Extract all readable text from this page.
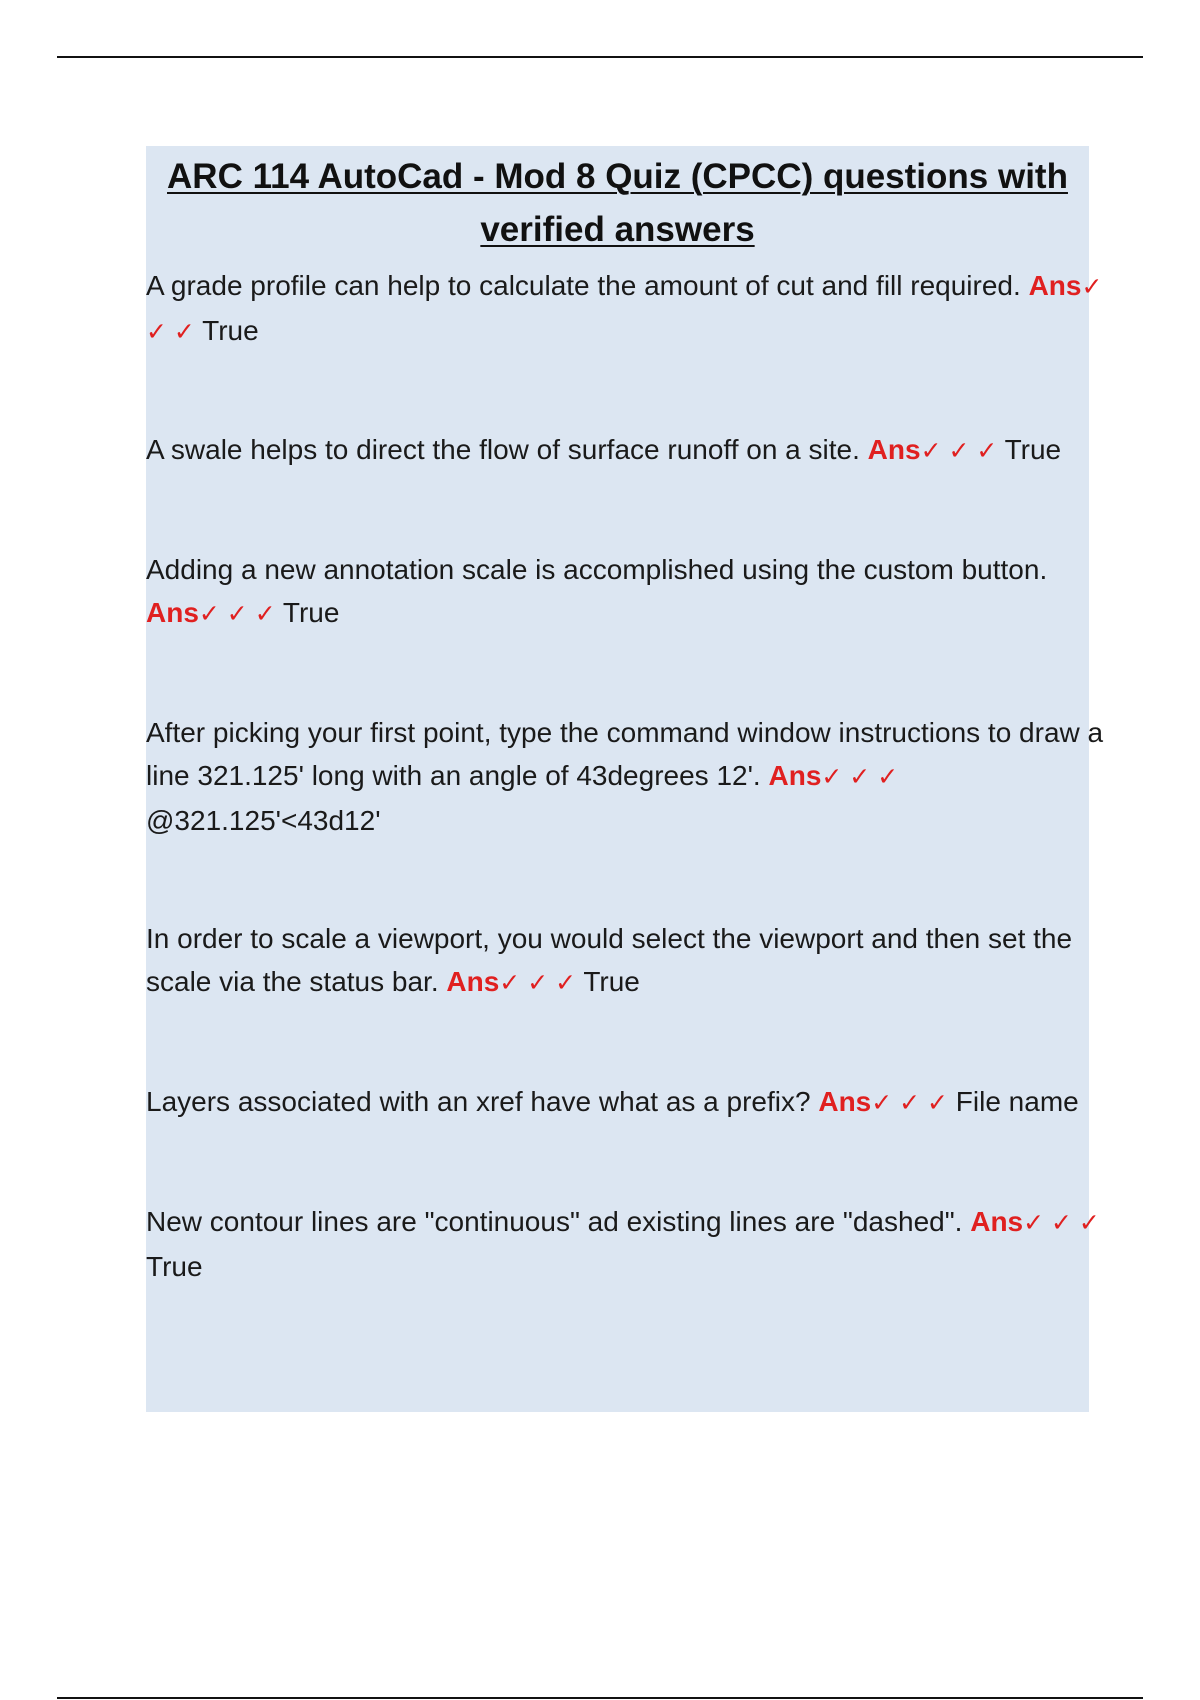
ARC 114 AutoCad - Mod 8 Quiz (CPCC) questions with verified answers

A grade profile can help to calculate the amount of cut and fill required. Ans✓ ✓ ✓ True

A swale helps to direct the flow of surface runoff on a site. Ans✓ ✓ ✓ True

Adding a new annotation scale is accomplished using the custom button. Ans✓ ✓ ✓ True

After picking your first point, type the command window instructions to draw a line 321.125' long with an angle of 43degrees 12'. Ans✓ ✓ ✓ @321.125'<43d12'

In order to scale a viewport, you would select the viewport and then set the scale via the status bar. Ans✓ ✓ ✓ True

Layers associated with an xref have what as a prefix? Ans✓ ✓ ✓ File name

New contour lines are "continuous" ad existing lines are "dashed". Ans✓ ✓ ✓ True
